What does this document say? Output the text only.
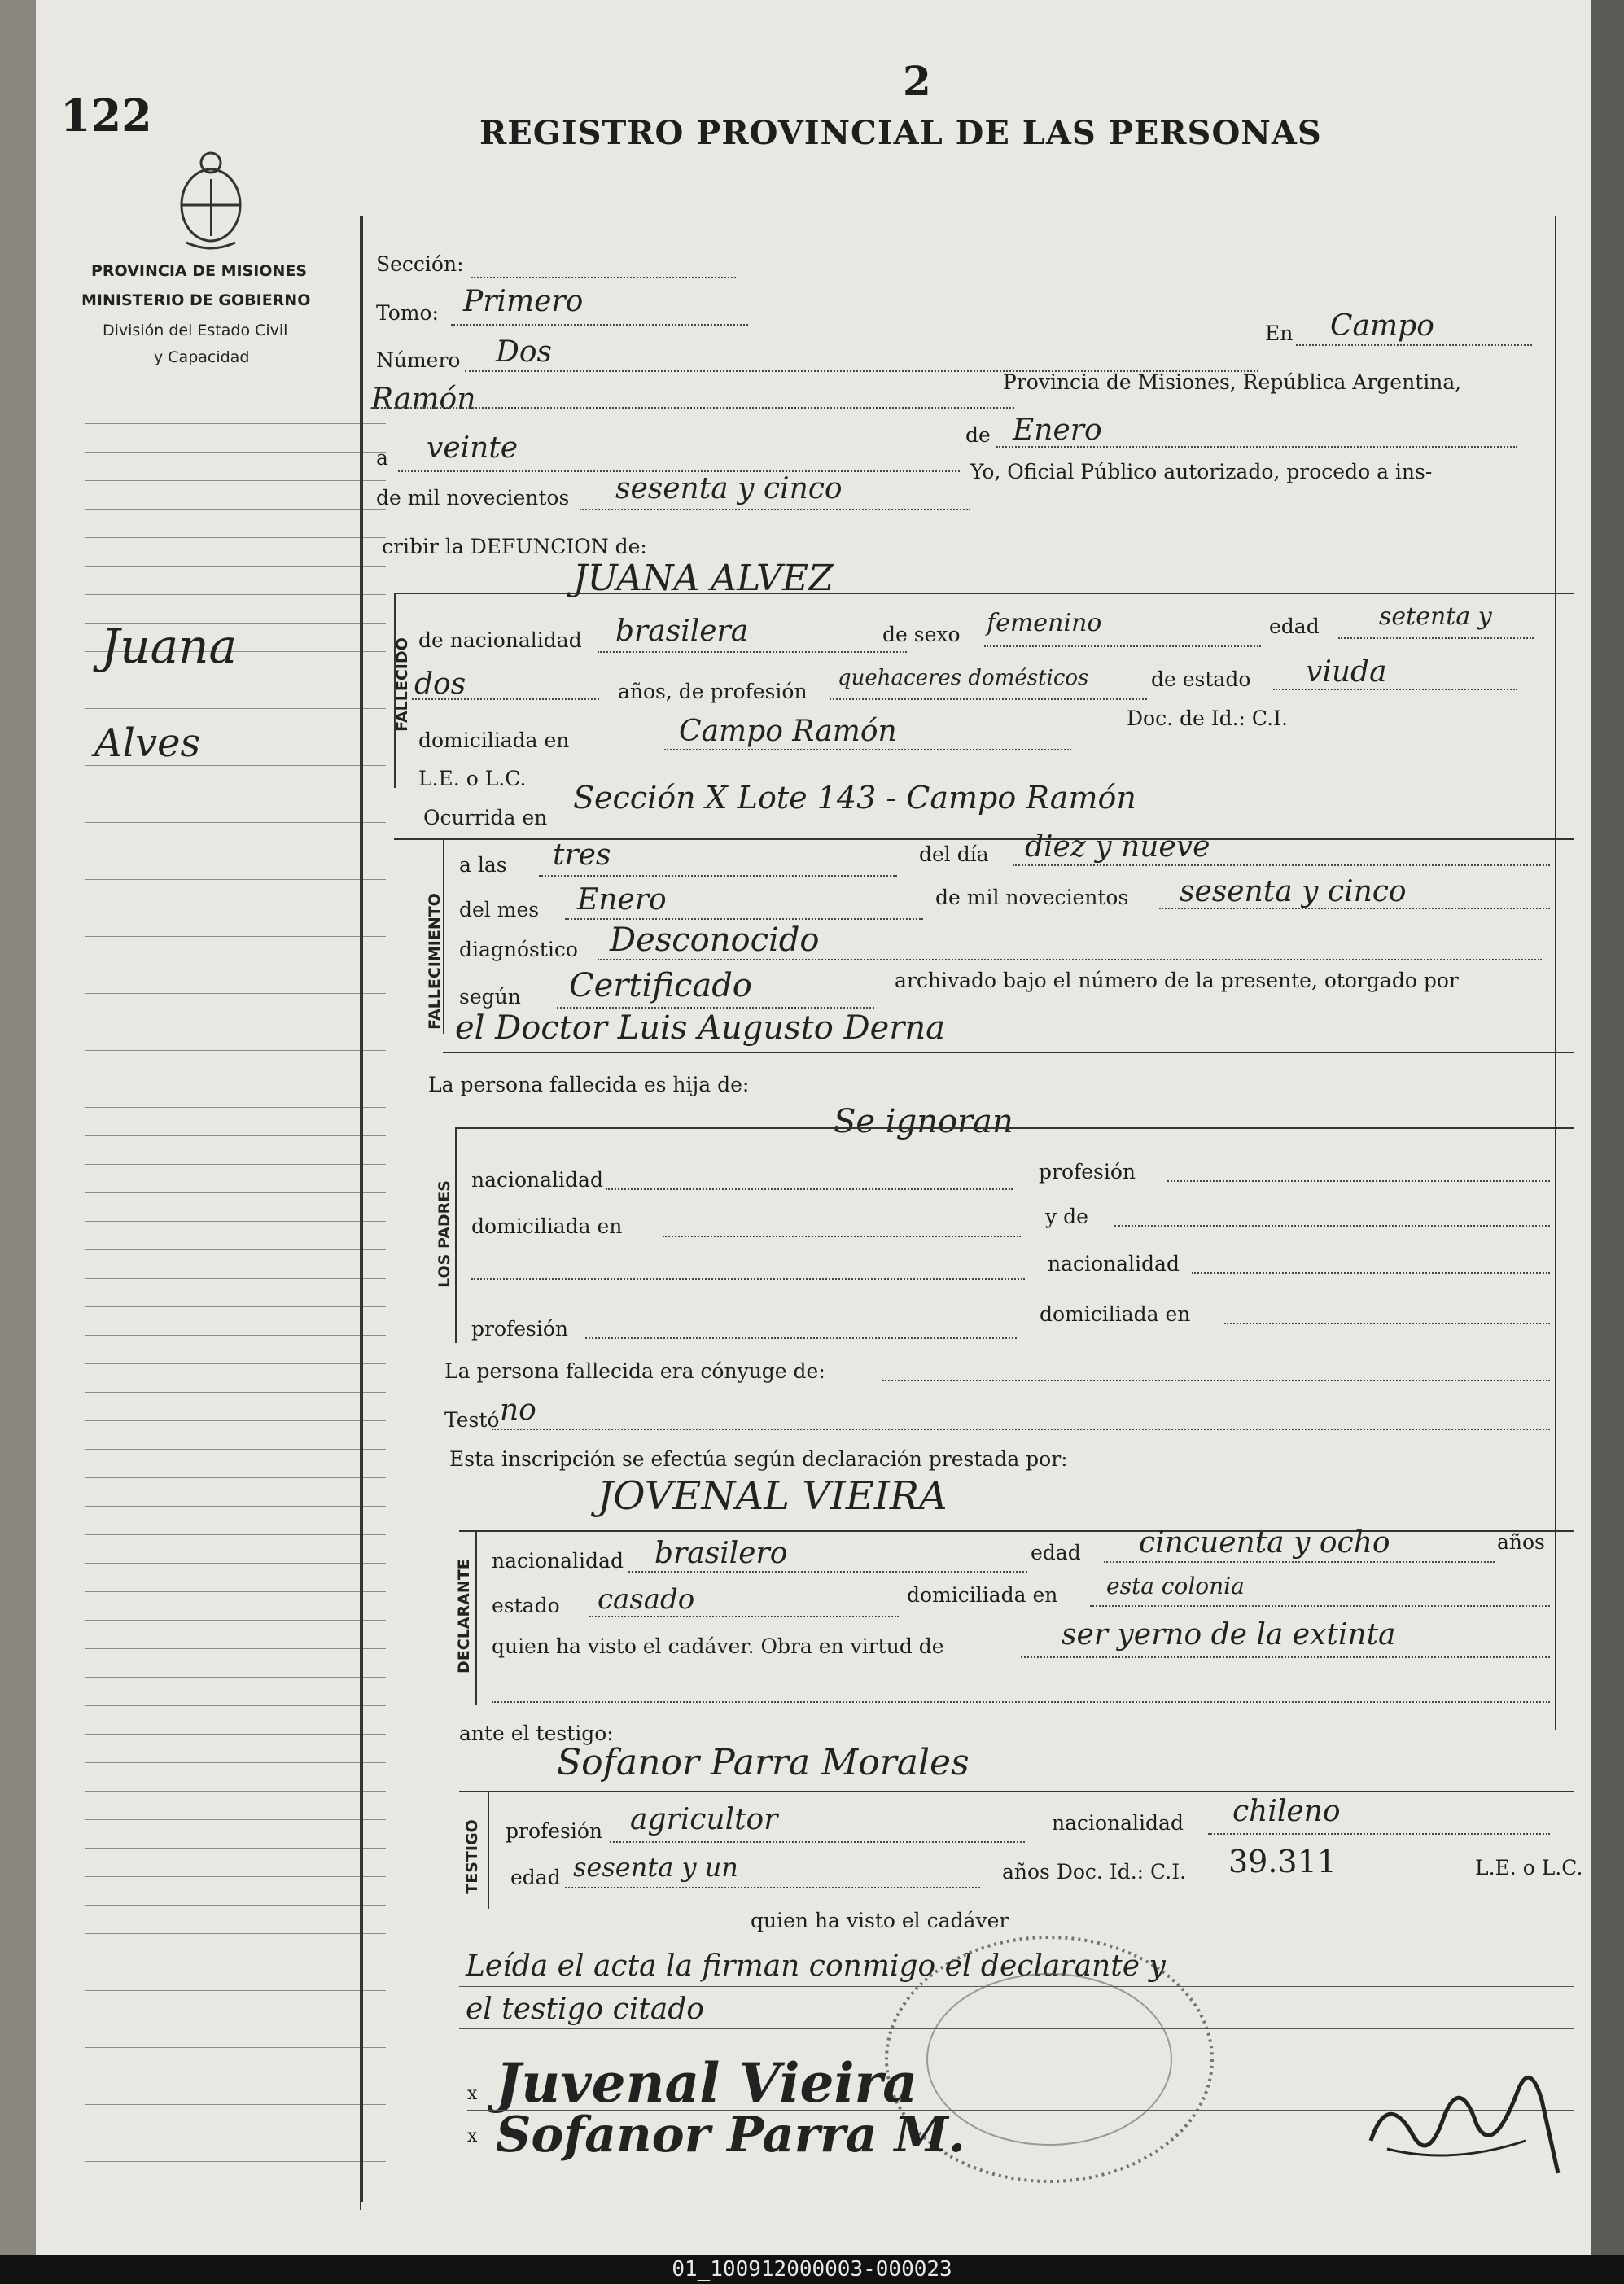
122
2
REGISTRO PROVINCIAL DE LAS PERSONAS
PROVINCIA DE MISIONES
MINISTERIO DE GOBIERNO
División del Estado Civil
y Capacidad
Juana
Alves
Sección:
Tomo: Primero
Número Dos
En Campo
Ramón
Provincia de Misiones, República Argentina,
a veinte	de Enero
de mil novecientos sesenta y cinco
Yo, Oficial Público autorizado, procedo a ins-
cribir la DEFUNCION de:
JUANA ALVEZ
FALLECIDO de nacionalidad brasilera	de sexo femenino	edad setenta y
dos	años, de profesión
quehaceres domésticos	de estado viuda
domiciliada en	Campo Ramón	Doc. de Id.: C.I.
L.E. o L.C.
Ocurrida en
Sección X Lote 143 - Campo Ramón
FALLECIMIENTO
a las tres	del día diez y nueve
del mes Enero	de mil novecientos sesenta y cinco
diagnóstico Desconocido
según Certificado	archivado bajo el número de la presente, otorgado por
el Doctor Luis Augusto Derna
La persona fallecida es hija de:
Se ignoran
LOS PADRES
nacionalidad	profesión
domiciliada en	y de
nacionalidad
profesión
domiciliada en
La persona fallecida era cónyuge de:
Testó no
Esta inscripción se efectúa según declaración prestada por:
JOVENAL VIEIRA
DECLARANTE nacionalidad brasilero	edad cincuenta y ocho	años
estado casado	domiciliada en esta colonia
quien ha visto el cadáver. Obra en virtud de	ser yerno de la extinta
ante el testigo:
Sofanor Parra Morales
TESTIGO profesión agricultor	nacionalidad chileno
edad sesenta y un	años Doc. Id.: C.I. 39.311	L.E. o L.C.
quien ha visto el cadáver
Leída el acta la firman conmigo el declarante y
el testigo citado
x Juvenal Vieira
x Sofanor Parra M.
01_100912000003-000023
